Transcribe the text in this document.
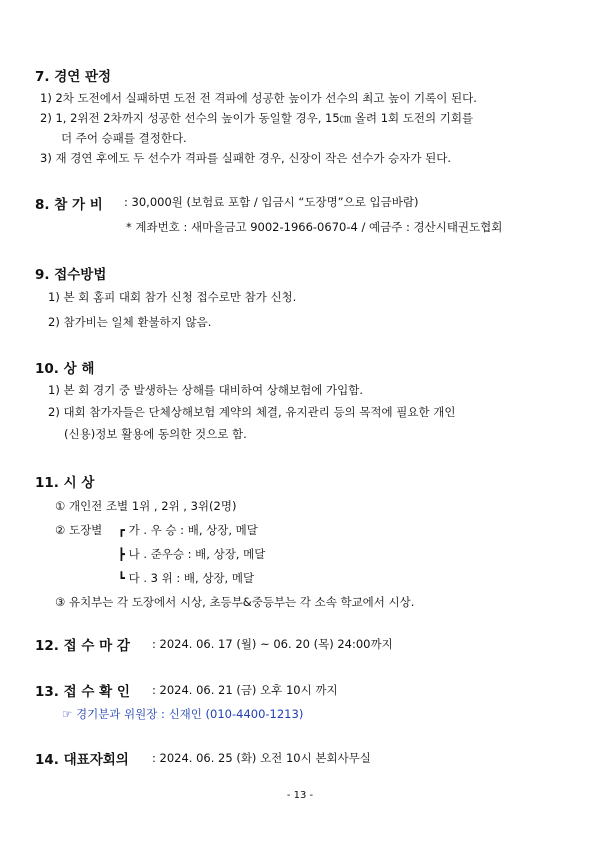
7. 경연 판정
1) 2차 도전에서 실패하면 도전 전 격파에 성공한 높이가 선수의 최고 높이 기록이 된다.
2) 1, 2위전 2차까지 성공한 선수의 높이가 동일할 경우, 15㎝ 올려 1회 도전의 기회를
더 주어 승패를 결정한다.
3) 재 경연 후에도 두 선수가 격파를 실패한 경우, 신장이 작은 선수가 승자가 된다.
8. 참 가 비 : 30,000원 (보험료 포함 / 입금시 “도장명”으로 입금바람)
* 계좌번호 : 새마을금고 9002-1966-0670-4 / 예금주 : 경산시태권도협회
9. 접수방법
1) 본 회 홈피 대회 참가 신청 접수로만 참가 신청.
2) 참가비는 일체 환불하지 않음.
10. 상 해
1) 본 회 경기 중 발생하는 상해를 대비하여 상해보험에 가입함.
2) 대회 참가자들은 단체상해보험 계약의 체결, 유지관리 등의 목적에 필요한 개인
(신용)정보 활용에 동의한 것으로 함.
11. 시 상
① 개인전 조별 1위 , 2위 , 3위(2명)
② 도장별 ┏ 가 . 우 승 : 배, 상장, 메달
┣ 나 . 준우승 : 배, 상장, 메달
┗ 다 . 3 위 : 배, 상장, 메달
③ 유치부는 각 도장에서 시상, 초등부&중등부는 각 소속 학교에서 시상.
12. 접 수 마 감 : 2024. 06. 17 (월) ~ 06. 20 (목) 24:00까지
13. 접 수 확 인 : 2024. 06. 21 (금) 오후 10시 까지
☞ 경기분과 위원장 : 신재인 (010-4400-1213)
14. 대표자회의 : 2024. 06. 25 (화) 오전 10시 본회사무실
- 13 -
